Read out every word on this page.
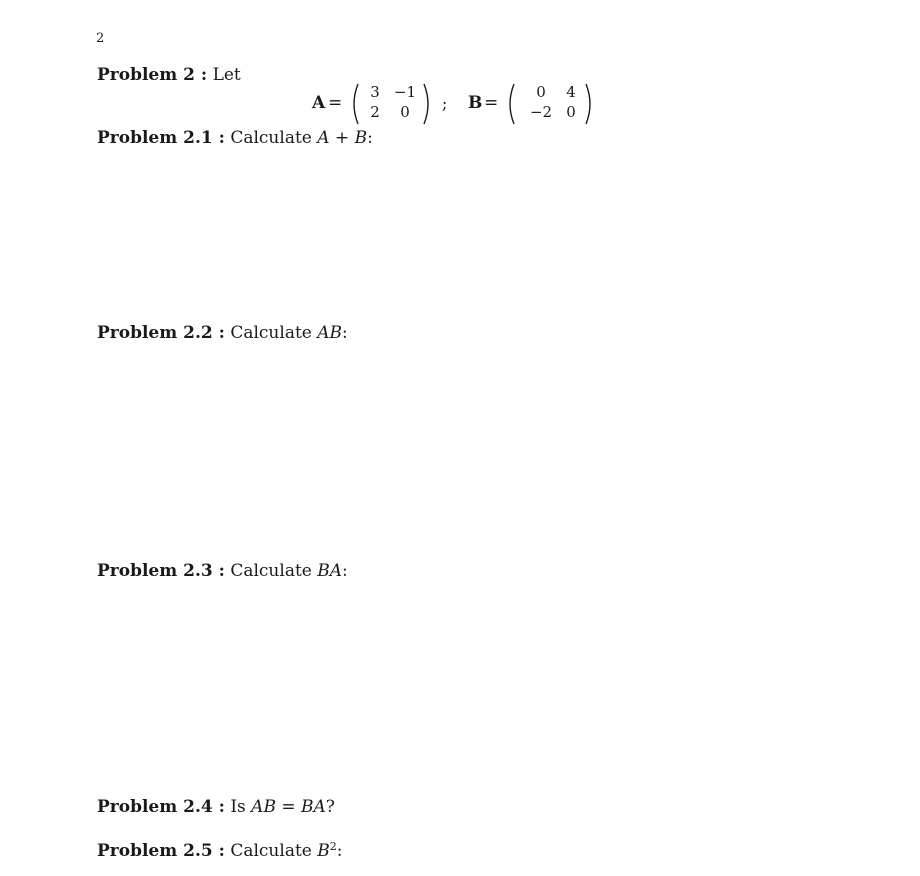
2
Problem 2 : Let
A =
3 −1
2	0	; B =
0	4
−2 0
Problem 2.1 : Calculate A + B:
Problem 2.2 : Calculate AB:
Problem 2.3 : Calculate BA:
Problem 2.4 : Is AB = BA?
Problem 2.5 : Calculate $B^2$:
